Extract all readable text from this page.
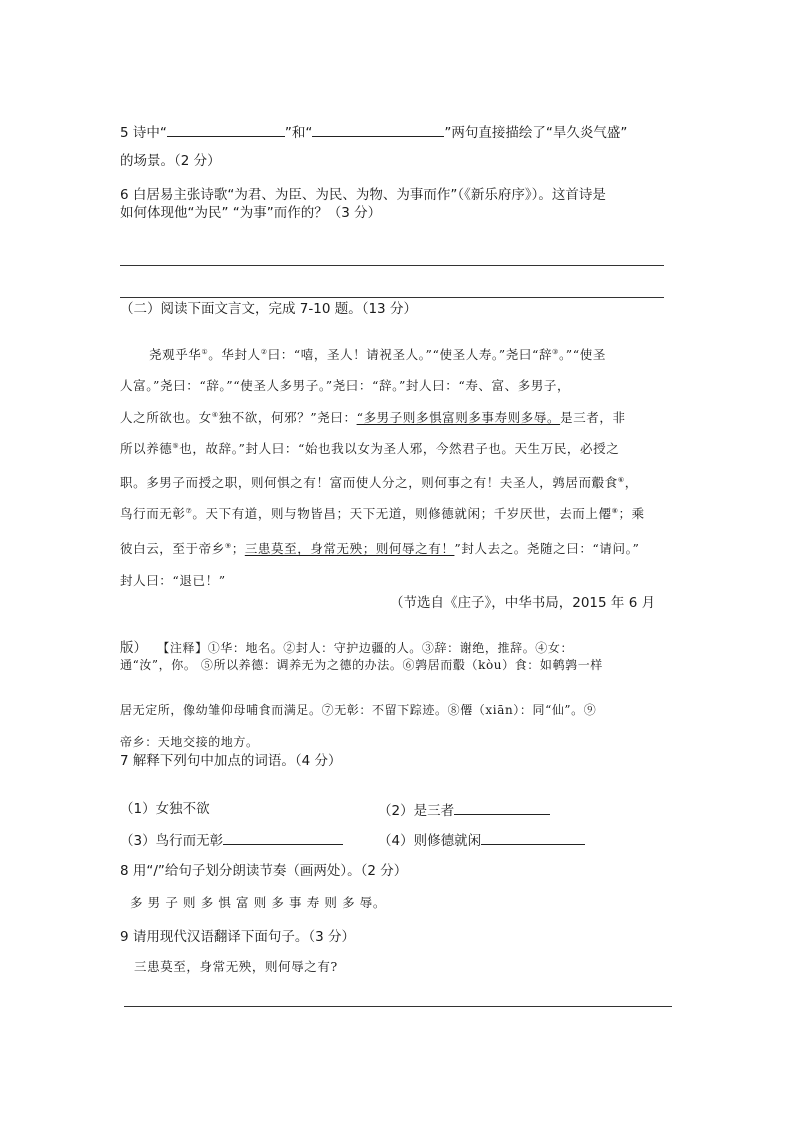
5 诗中“	”和“	”两句直接描绘了“旱久炎气盛”
的场景。（2 分）
6 白居易主张诗歌“为君、为臣、为民、为物、为事而作”（《新乐府序》）。这首诗是
如何体现他“为民” “为事”而作的？（3 分）
（二）阅读下面文言文，完成 7-10 题。（13 分）
尧观乎华①。华封人②曰：“嘻，圣人！请祝圣人。”“使圣人寿。”尧曰“辞③。”“使圣
人富。”尧曰：“辞。”“使圣人多男子。”尧曰：“辞。”封人曰：“寿、富、多男子，
人之所欲也。女④独不欲，何邪？”尧曰：“多男子则多惧富则多事寿则多辱。是三者，非
所以养德⑤也，故辞。”封人曰：“始也我以女为圣人邪，今然君子也。天生万民，必授之
职。多男子而授之职，则何惧之有！富而使人分之，则何事之有！夫圣人，鹑居而鷇食⑥，
鸟行而无彰⑦。天下有道，则与物皆昌；天下无道，则修德就闲；千岁厌世，去而上僊⑧；乘
彼白云，至于帝乡⑨；三患莫至，身常无殃；则何辱之有！”封人去之。尧随之曰：“请问。”
封人曰：“退已！”
（节选自《庄子》，中华书局，2015 年 6 月
版） 【注释】①华：地名。②封人：守护边疆的人。③辞：谢绝，推辞。④女：
通“汝”，你。 ⑤所以养德：调养无为之德的办法。⑥鹑居而鷇（kòu）食：如鹌鹑一样
居无定所，像幼雏仰母哺食而满足。⑦无彰：不留下踪迹。⑧僊（xiān）：同“仙”。⑨
帝乡：天地交接的地方。
7 解释下列句中加点的词语。（4 分）
（1）女独不欲	（2）是三者
（3）鸟行而无彰	（4）则修德就闲
8 用“/”给句子划分朗读节奏（画两处）。（2 分）
多 男 子 则 多 惧 富 则 多 事 寿 则 多 辱。
9 请用现代汉语翻译下面句子。（3 分）
三患莫至，身常无殃，则何辱之有?
